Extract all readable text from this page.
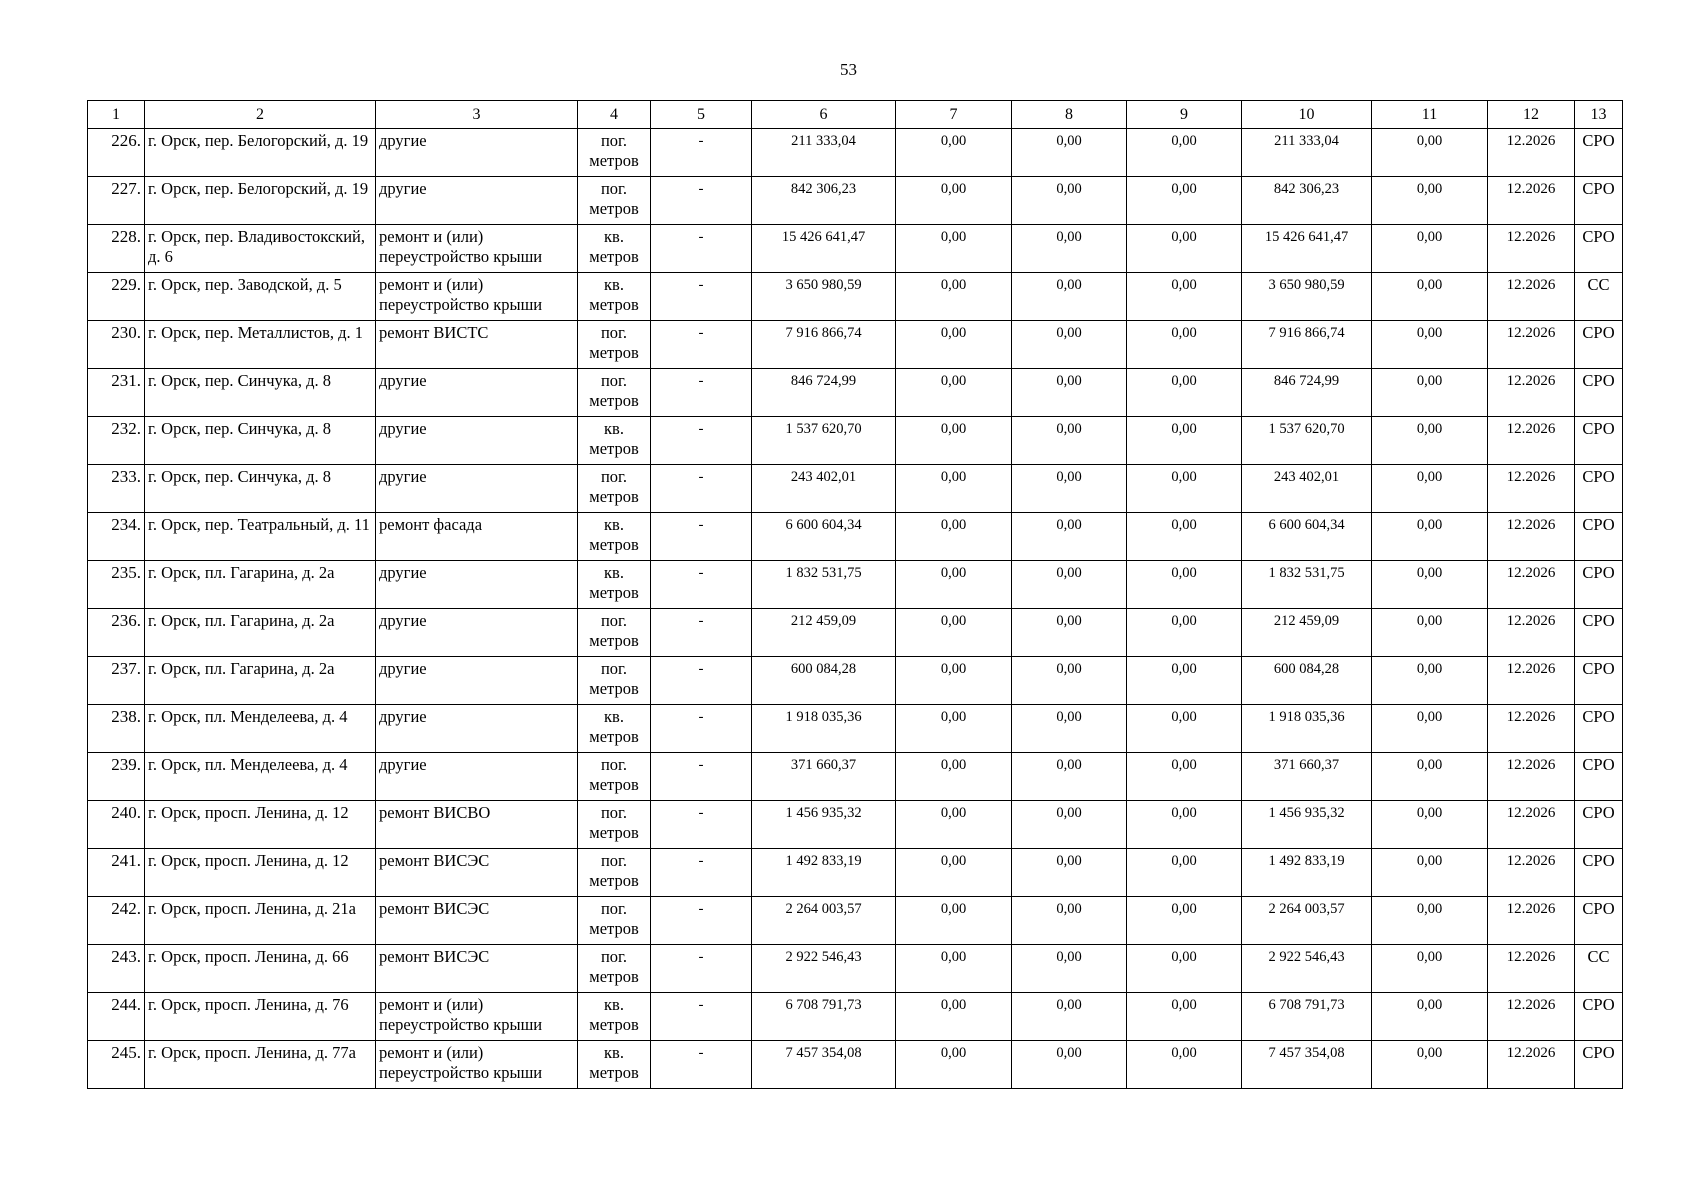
53
1	2	3	4	5	6	7	8	9	10	11	12	13
226.	г. Орск, пер. Белогорский, д. 19	другие	пог. метров	-	211 333,04	0,00	0,00	0,00	211 333,04	0,00	12.2026	СРО
227.	г. Орск, пер. Белогорский, д. 19	другие	пог. метров	-	842 306,23	0,00	0,00	0,00	842 306,23	0,00	12.2026	СРО
228.	г. Орск, пер. Владивостокский, д. 6	ремонт и (или) переустройство крыши	кв. метров	-	15 426 641,47	0,00	0,00	0,00	15 426 641,47	0,00	12.2026	СРО
229.	г. Орск, пер. Заводской, д. 5	ремонт и (или) переустройство крыши	кв. метров	-	3 650 980,59	0,00	0,00	0,00	3 650 980,59	0,00	12.2026	СС
230.	г. Орск, пер. Металлистов, д. 1	ремонт ВИСТС	пог. метров	-	7 916 866,74	0,00	0,00	0,00	7 916 866,74	0,00	12.2026	СРО
231.	г. Орск, пер. Синчука, д. 8	другие	пог. метров	-	846 724,99	0,00	0,00	0,00	846 724,99	0,00	12.2026	СРО
232.	г. Орск, пер. Синчука, д. 8	другие	кв. метров	-	1 537 620,70	0,00	0,00	0,00	1 537 620,70	0,00	12.2026	СРО
233.	г. Орск, пер. Синчука, д. 8	другие	пог. метров	-	243 402,01	0,00	0,00	0,00	243 402,01	0,00	12.2026	СРО
234.	г. Орск, пер. Театральный, д. 11	ремонт фасада	кв. метров	-	6 600 604,34	0,00	0,00	0,00	6 600 604,34	0,00	12.2026	СРО
235.	г. Орск, пл. Гагарина, д. 2а	другие	кв. метров	-	1 832 531,75	0,00	0,00	0,00	1 832 531,75	0,00	12.2026	СРО
236.	г. Орск, пл. Гагарина, д. 2а	другие	пог. метров	-	212 459,09	0,00	0,00	0,00	212 459,09	0,00	12.2026	СРО
237.	г. Орск, пл. Гагарина, д. 2а	другие	пог. метров	-	600 084,28	0,00	0,00	0,00	600 084,28	0,00	12.2026	СРО
238.	г. Орск, пл. Менделеева, д. 4	другие	кв. метров	-	1 918 035,36	0,00	0,00	0,00	1 918 035,36	0,00	12.2026	СРО
239.	г. Орск, пл. Менделеева, д. 4	другие	пог. метров	-	371 660,37	0,00	0,00	0,00	371 660,37	0,00	12.2026	СРО
240.	г. Орск, просп. Ленина, д. 12	ремонт ВИСВО	пог. метров	-	1 456 935,32	0,00	0,00	0,00	1 456 935,32	0,00	12.2026	СРО
241.	г. Орск, просп. Ленина, д. 12	ремонт ВИСЭС	пог. метров	-	1 492 833,19	0,00	0,00	0,00	1 492 833,19	0,00	12.2026	СРО
242.	г. Орск, просп. Ленина, д. 21а	ремонт ВИСЭС	пог. метров	-	2 264 003,57	0,00	0,00	0,00	2 264 003,57	0,00	12.2026	СРО
243.	г. Орск, просп. Ленина, д. 66	ремонт ВИСЭС	пог. метров	-	2 922 546,43	0,00	0,00	0,00	2 922 546,43	0,00	12.2026	СС
244.	г. Орск, просп. Ленина, д. 76	ремонт и (или) переустройство крыши	кв. метров	-	6 708 791,73	0,00	0,00	0,00	6 708 791,73	0,00	12.2026	СРО
245.	г. Орск, просп. Ленина, д. 77а	ремонт и (или) переустройство крыши	кв. метров	-	7 457 354,08	0,00	0,00	0,00	7 457 354,08	0,00	12.2026	СРО
